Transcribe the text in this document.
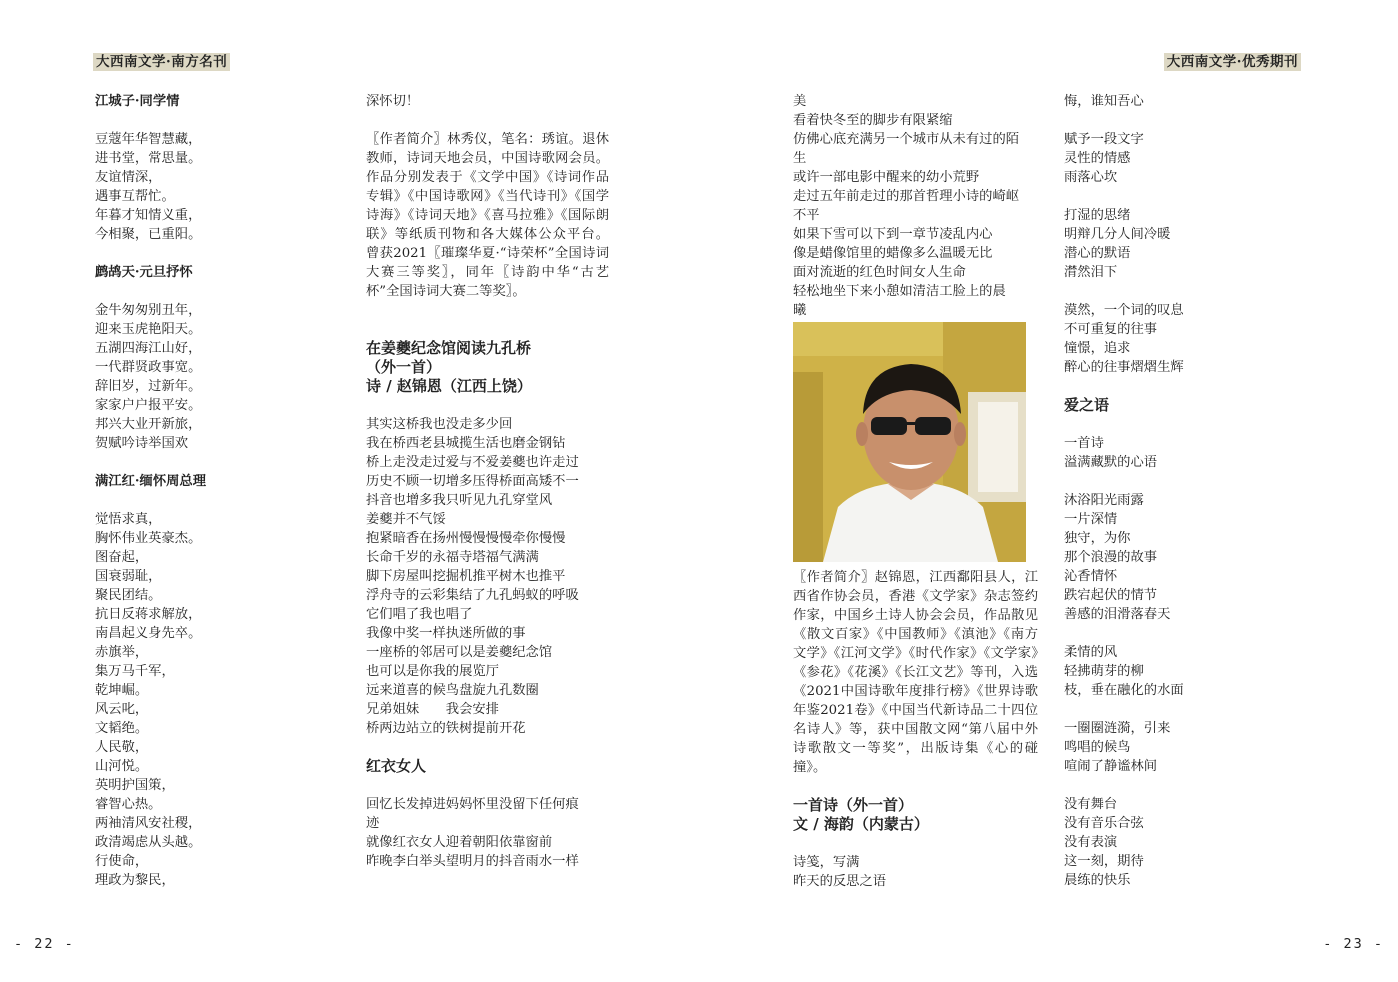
大西南文学·南方名刊
江城子·同学情
豆蔻年华智慧藏，
进书堂，常思量。
友谊情深，
遇事互帮忙。
年暮才知情义重，
今相聚，已重阳。
鹧鸪天·元旦抒怀
金牛匆匆别丑年，
迎来玉虎艳阳天。
五湖四海江山好，
一代群贤政事宽。
辞旧岁，过新年。
家家户户报平安。
邦兴大业开新旅，
贺赋吟诗举国欢
满江红·缅怀周总理
觉悟求真，
胸怀伟业英豪杰。
图奋起，
国衰弱耻，
聚民团结。
抗日反蒋求解放，
南昌起义身先卒。
赤旗举，
集万马千军，
乾坤崛。
风云叱，
文韬绝。
人民敬，
山河悦。
英明护国策，
睿智心热。
两袖清风安社稷，
政清竭虑从头越。
行使命，
理政为黎民，
深怀切！
〖作者简介〗林秀仪，笔名：琇谊。退休教师，诗词天地会员，中国诗歌网会员。作品分别发表于《文学中国》《诗词作品专辑》《中国诗歌网》《当代诗刊》《国学诗海》《诗词天地》《喜马拉雅》《国际朗联》等纸质刊物和各大媒体公众平台。 曾获2021〖璀璨华夏·“诗荣杯”全国诗词大赛三等奖〗，同年〖诗韵中华“古艺杯”全国诗词大赛二等奖〗。
在姜夔纪念馆阅读九孔桥
（外一首）
诗 / 赵锦恩（江西上饶）
其实这桥我也没走多少回
我在桥西老县城揽生活也磨金钢钻
桥上走没走过爱与不爱姜夔也许走过
历史不顾一切增多压得桥面高矮不一
抖音也增多我只听见九孔穿堂风
姜夔并不气馁
抱紧暗香在扬州慢慢慢慢牵你慢慢
长命千岁的永福寺塔福气满满
脚下房屋叫挖掘机推平树木也推平
浮舟寺的云彩集结了九孔蚂蚁的呼吸
它们唱了我也唱了
我像中奖一样执迷所做的事
一座桥的邻居可以是姜夔纪念馆
也可以是你我的展览厅
远来道喜的候鸟盘旋九孔数圈
兄弟姐妹　　我会安排
桥两边站立的铁树提前开花
红衣女人
回忆长发掉进妈妈怀里没留下任何痕
迹
就像红衣女人迎着朝阳依靠窗前
昨晚李白举头望明月的抖音雨水一样
- 22 -
大西南文学·优秀期刊
美
看着快冬至的脚步有限紧缩
仿佛心底充满另一个城市从未有过的陌
生
或许一部电影中醒来的幼小荒野
走过五年前走过的那首哲理小诗的崎岖
不平
如果下雪可以下到一章节凌乱内心
像是蜡像馆里的蜡像多么温暖无比
面对流逝的红色时间女人生命
轻松地坐下来小憩如清洁工脸上的晨
曦
〖作者简介〗赵锦恩，江西鄱阳县人，江西省作协会员，香港《文学家》杂志签约作家，中国乡土诗人协会会员，作品散见《散文百家》《中国教师》《滇池》《南方文学》《江河文学》《时代作家》《文学家》《参花》《花溪》《长江文艺》等刊，入选《2021中国诗歌年度排行榜》《世界诗歌年鉴2021卷》《中国当代新诗品二十四位名诗人》等，获中国散文网“第八届中外诗歌散文一等奖”，出版诗集《心的碰撞》。
一首诗（外一首）
文 / 海韵（内蒙古）
诗笺，写满
昨天的反思之语
悔，谁知吾心
赋予一段文字
灵性的情感
雨落心坎
打湿的思绪
明辩几分人间冷暖
潜心的默语
潸然泪下
漠然，一个词的叹息
不可重复的往事
憧憬，追求
醉心的往事熠熠生辉
爱之语
一首诗
溢满藏默的心语
沐浴阳光雨露
一片深情
独守，为你
那个浪漫的故事
沁香情怀
跌宕起伏的情节
善感的泪滑落春天
柔情的风
轻拂萌芽的柳
枝，垂在融化的水面
一圈圈涟漪，引来
鸣唱的候鸟
喧闹了静谧林间
没有舞台
没有音乐合弦
没有表演
这一刻，期待
晨练的快乐
- 23 -
